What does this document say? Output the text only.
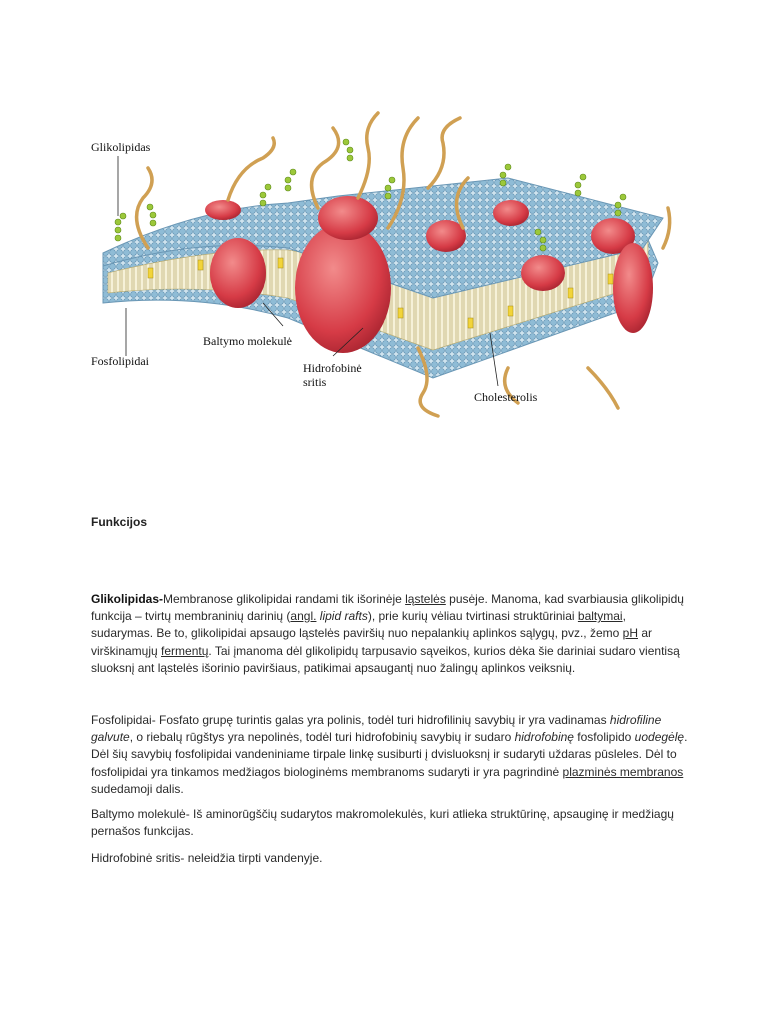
Glikolipidas
Fosfolipidai
Baltymo molekulė
Hidrofobinė
sritis
Cholesterolis
Funkcijos

Glikolipidas-Membranose glikolipidai randami tik išorinėje ląstelės pusėje. Manoma, kad svarbiausia glikolipidų funkcija – tvirtų membraninių darinių (angl. lipid rafts), prie kurių vėliau tvirtinasi struktūriniai baltymai, sudarymas. Be to, glikolipidai apsaugo ląstelės paviršių nuo nepalankių aplinkos sąlygų, pvz., žemo pH ar virškinamųjų fermentų. Tai įmanoma dėl glikolipidų tarpusavio sąveikos, kurios dėka šie dariniai sudaro vientisą sluoksnį ant ląstelės išorinio paviršiaus, patikimai apsaugantį nuo žalingų aplinkos veiksnių.

Fosfolipidai- Fosfato grupę turintis galas yra polinis, todėl turi hidrofilinių savybių ir yra vadinamas hidrofiline galvute, o riebalų rūgštys yra nepolinės, todėl turi hidrofobinių savybių ir sudaro hidrofobinę fosfolipido uodegėlę. Dėl šių savybių fosfolipidai vandeniniame tirpale linkę susiburti į dvisluoksnį ir sudaryti uždaras pūsleles. Dėl to fosfolipidai yra tinkamos medžiagos biologinėms membranoms sudaryti ir yra pagrindinė plazminės membranos sudedamoji dalis.

Baltymo molekulė- Iš aminorūgščių sudarytos makromolekulės, kuri atlieka struktūrinę, apsauginę ir medžiagų pernašos funkcijas.

Hidrofobinė sritis- neleidžia tirpti vandenyje.
